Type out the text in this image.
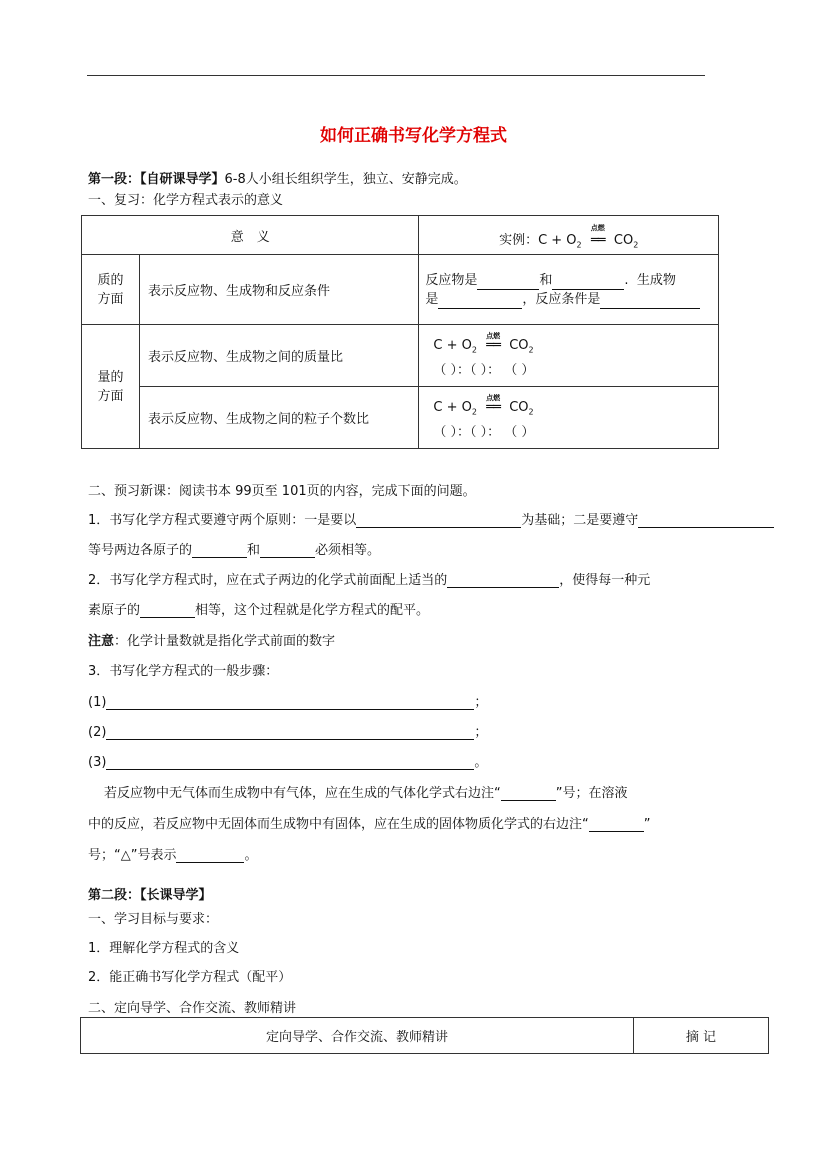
如何正确书写化学方程式
第一段：【自研课导学】6-8人小组长组织学生，独立、安静完成。
一、复习：化学方程式表示的意义
意　义		实例：$C + O_2$
点燃
══ $CO_2$
质的方面	表示反应物、生成物和反应条件	反应物是 和 .  生成物
是 ，反应条件是
量的方面	表示反应物、生成物之间的质量比	$C + O_2$
点燃
══ $CO_2$
（ ）：（ ）： （ ）
	表示反应物、生成物之间的粒子个数比	$C + O_2$
点燃
══ $CO_2$
（ ）：（ ）： （ ）
二、预习新课：阅读书本 99页至 101页的内容，完成下面的问题。
1．书写化学方程式要遵守两个原则：一是要以	为基础；二是要遵守
等号两边各原子的	和	必须相等。
2．书写化学方程式时，应在式子两边的化学式前面配上适当的	，使得每一种元
素原子的	相等，这个过程就是化学方程式的配平。
注意：化学计量数就是指化学式前面的数字
3．书写化学方程式的一般步骤：
(1)	；
(2)	；
(3)	。
若反应物中无气体而生成物中有气体，应在生成的气体化学式右边注“	”号；在溶液
中的反应，若反应物中无固体而生成物中有固体，应在生成的固体物质化学式的右边注“	”
号；“△”号表示	。
第二段：【长课导学】
一、学习目标与要求：
1．理解化学方程式的含义
2．能正确书写化学方程式（配平）
二、定向导学、合作交流、教师精讲
定向导学、合作交流、教师精讲	摘 记
